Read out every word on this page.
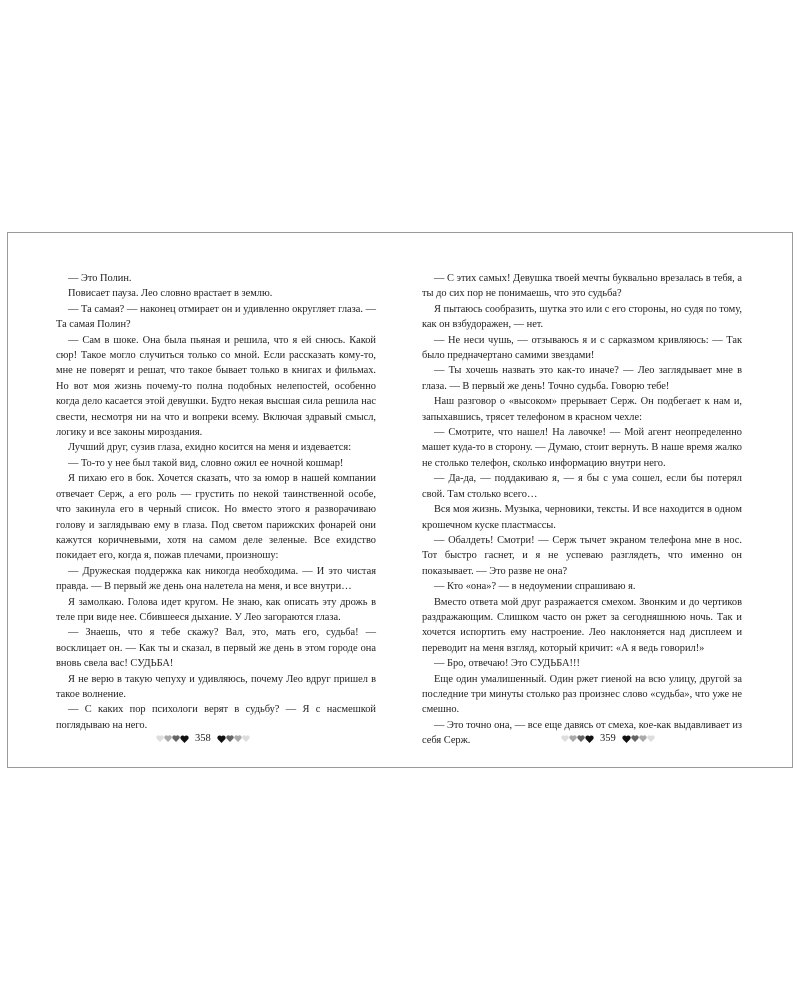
— Это Полин.

Повисает пауза. Лео словно врастает в землю.

— Та самая? — наконец отмирает он и удивленно округляет глаза. — Та самая Полин?

— Сам в шоке. Она была пьяная и решила, что я ей снюсь. Какой сюр! Такое могло случиться только со мной. Если рассказать кому-то, мне не поверят и решат, что такое бывает только в книгах и фильмах. Но вот моя жизнь почему-то полна подобных нелепостей, особенно когда дело касается этой девушки. Будто некая высшая сила решила нас свести, несмотря ни на что и вопреки всему. Включая здравый смысл, логику и все законы мироздания.

Лучший друг, сузив глаза, ехидно косится на меня и издевается:

— То-то у нее был такой вид, словно ожил ее ночной кошмар!

Я пихаю его в бок. Хочется сказать, что за юмор в нашей компании отвечает Серж, а его роль — грустить по некой таинственной особе, что закинула его в черный список. Но вместо этого я разворачиваю голову и заглядываю ему в глаза. Под светом парижских фонарей они кажутся коричневыми, хотя на самом деле зеленые. Все ехидство покидает его, когда я, пожав плечами, произношу:

— Дружеская поддержка как никогда необходима. — И это чистая правда. — В первый же день она налетела на меня, и все внутри…

Я замолкаю. Голова идет кругом. Не знаю, как описать эту дрожь в теле при виде нее. Сбившееся дыхание. У Лео загораются глаза.

— Знаешь, что я тебе скажу? Вал, это, мать его, судьба! — восклицает он. — Как ты и сказал, в первый же день в этом городе она вновь свела вас! СУДЬБА!

Я не верю в такую чепуху и удивляюсь, почему Лео вдруг пришел в такое волнение.

— С каких пор психологи верят в судьбу? — Я с насмешкой поглядываю на него.

358

— С этих самых! Девушка твоей мечты буквально врезалась в тебя, а ты до сих пор не понимаешь, что это судьба?

Я пытаюсь сообразить, шутка это или с его стороны, но судя по тому, как он взбудоражен, — нет.

— Не неси чушь, — отзываюсь я и с сарказмом кривляюсь: — Так было предначертано самими звездами!

— Ты хочешь назвать это как-то иначе? — Лео заглядывает мне в глаза. — В первый же день! Точно судьба. Говорю тебе!

Наш разговор о «высоком» прерывает Серж. Он подбегает к нам и, запыхавшись, трясет телефоном в красном чехле:

— Смотрите, что нашел! На лавочке! — Мой агент неопределенно машет куда-то в сторону. — Думаю, стоит вернуть. В наше время жалко не столько телефон, сколько информацию внутри него.

— Да-да, — поддакиваю я, — я бы с ума сошел, если бы потерял свой. Там столько всего…

Вся моя жизнь. Музыка, черновики, тексты. И все находится в одном крошечном куске пластмассы.

— Обалдеть! Смотри! — Серж тычет экраном телефона мне в нос. Тот быстро гаснет, и я не успеваю разглядеть, что именно он показывает. — Это разве не она?

— Кто «она»? — в недоумении спрашиваю я.

Вместо ответа мой друг разражается смехом. Звонким и до чертиков раздражающим. Слишком часто он ржет за сегодняшнюю ночь. Так и хочется испортить ему настроение. Лео наклоняется над дисплеем и переводит на меня взгляд, который кричит: «А я ведь говорил!»

— Бро, отвечаю! Это СУДЬБА!!!

Еще один умалишенный. Один ржет гиеной на всю улицу, другой за последние три минуты столько раз произнес слово «судьба», что уже не смешно.

— Это точно она, — все еще давясь от смеха, кое-как выдавливает из себя Серж.	359
